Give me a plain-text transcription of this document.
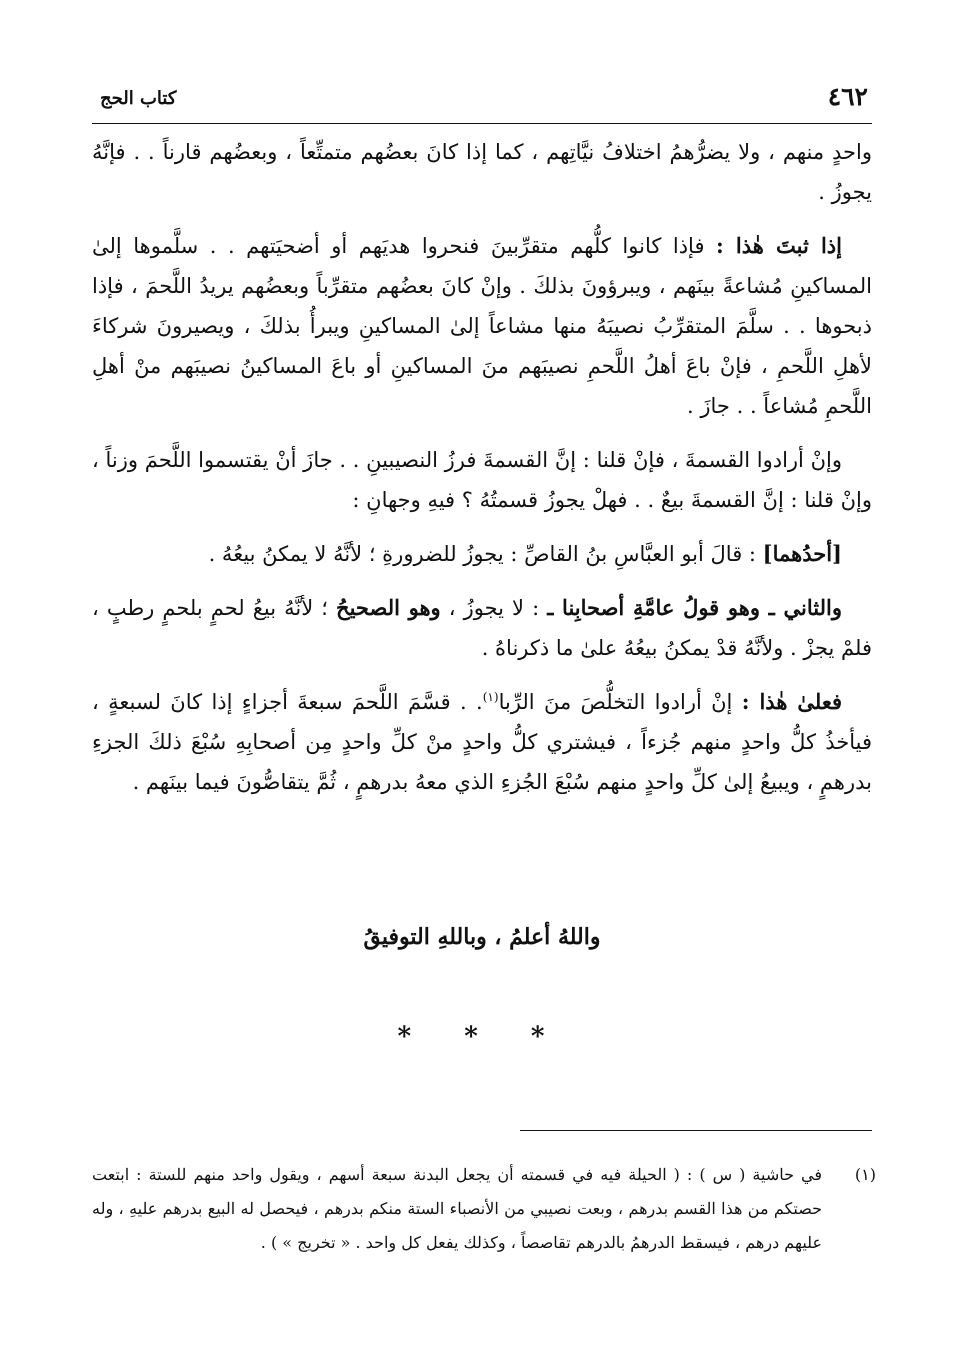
٤٦٢
كتاب الحج

واحدٍ منهم ، ولا يضرُّهمُ اختلافُ نيَّاتِهم ، كما إذا كانَ بعضُهم متمتِّعاً ، وبعضُهم قارناً . . فإنَّهُ يجوزُ .

إذا ثبتَ هٰذا : فإذا كانوا كلُّهم متقرِّبينَ فنحروا هديَهم أو أضحيَتهم . . سلَّموها إلىٰ المساكينِ مُشاعةً بينَهم ، ويبرؤونَ بذلكَ . وإنْ كانَ بعضُهم متقرِّباً وبعضُهم يريدُ اللَّحمَ ، فإذا ذبحوها . . سلَّمَ المتقرِّبُ نصيبَهُ منها مشاعاً إلىٰ المساكينِ ويبرأُ بذلكَ ، ويصيرونَ شركاءَ لأهلِ اللَّحمِ ، فإنْ باعَ أهلُ اللَّحمِ نصيبَهم منَ المساكينِ أو باعَ المساكينُ نصيبَهم منْ أهلِ اللَّحمِ مُشاعاً . . جازَ .

وإنْ أرادوا القسمةَ ، فإنْ قلنا : إنَّ القسمةَ فرزُ النصيبينِ . . جازَ أنْ يقتسموا اللَّحمَ وزناً ، وإنْ قلنا : إنَّ القسمةَ بيعٌ . . فهلْ يجوزُ قسمتُهُ ؟ فيهِ وجهانِ :

[أحدُهما] : قالَ أبو العبَّاسِ بنُ القاصِّ : يجوزُ للضرورةِ ؛ لأنَّهُ لا يمكنُ بيعُهُ .

والثاني ـ وهو قولُ عامَّةِ أصحابِنا ـ : لا يجوزُ ، وهو الصحيحُ ؛ لأنَّهُ بيعُ لحمٍ بلحمٍ رطبٍ ، فلمْ يجزْ . ولأنَّهُ قدْ يمكنُ بيعُهُ علىٰ ما ذكرناهُ .

فعلىٰ هٰذا : إنْ أرادوا التخلُّصَ منَ الرِّبا$^{(١)}$. . قسَّمَ اللَّحمَ سبعةَ أجزاءٍ إذا كانَ لسبعةٍ ، فيأخذُ كلُّ واحدٍ منهم جُزءاً ، فيشتري كلُّ واحدٍ منْ كلِّ واحدٍ مِن أصحابِهِ سُبْعَ ذلكَ الجزءِ بدرهمٍ ، ويبيعُ إلىٰ كلِّ واحدٍ منهم سُبْعَ الجُزءِ الذي معهُ بدرهمٍ ، ثُمَّ يتقاصُّونَ فيما بينَهم .

واللهُ أعلمُ ، وباللهِ التوفيقُ
* * *
(١)
في حاشية ( س ) : ( الحيلة فيه في قسمته أن يجعل البدنة سبعة أسهم ، ويقول واحد منهم للستة : ابتعت حصتكم من هذا القسم بدرهم ، وبعت نصيبي من الأنصباء الستة منكم بدرهم ، فيحصل له البيع بدرهم عليهِ ، وله عليهم درهم ، فيسقط الدرهمُ بالدرهم تقاصصاً ، وكذلك يفعل كل واحد . « تخريج » ) .
